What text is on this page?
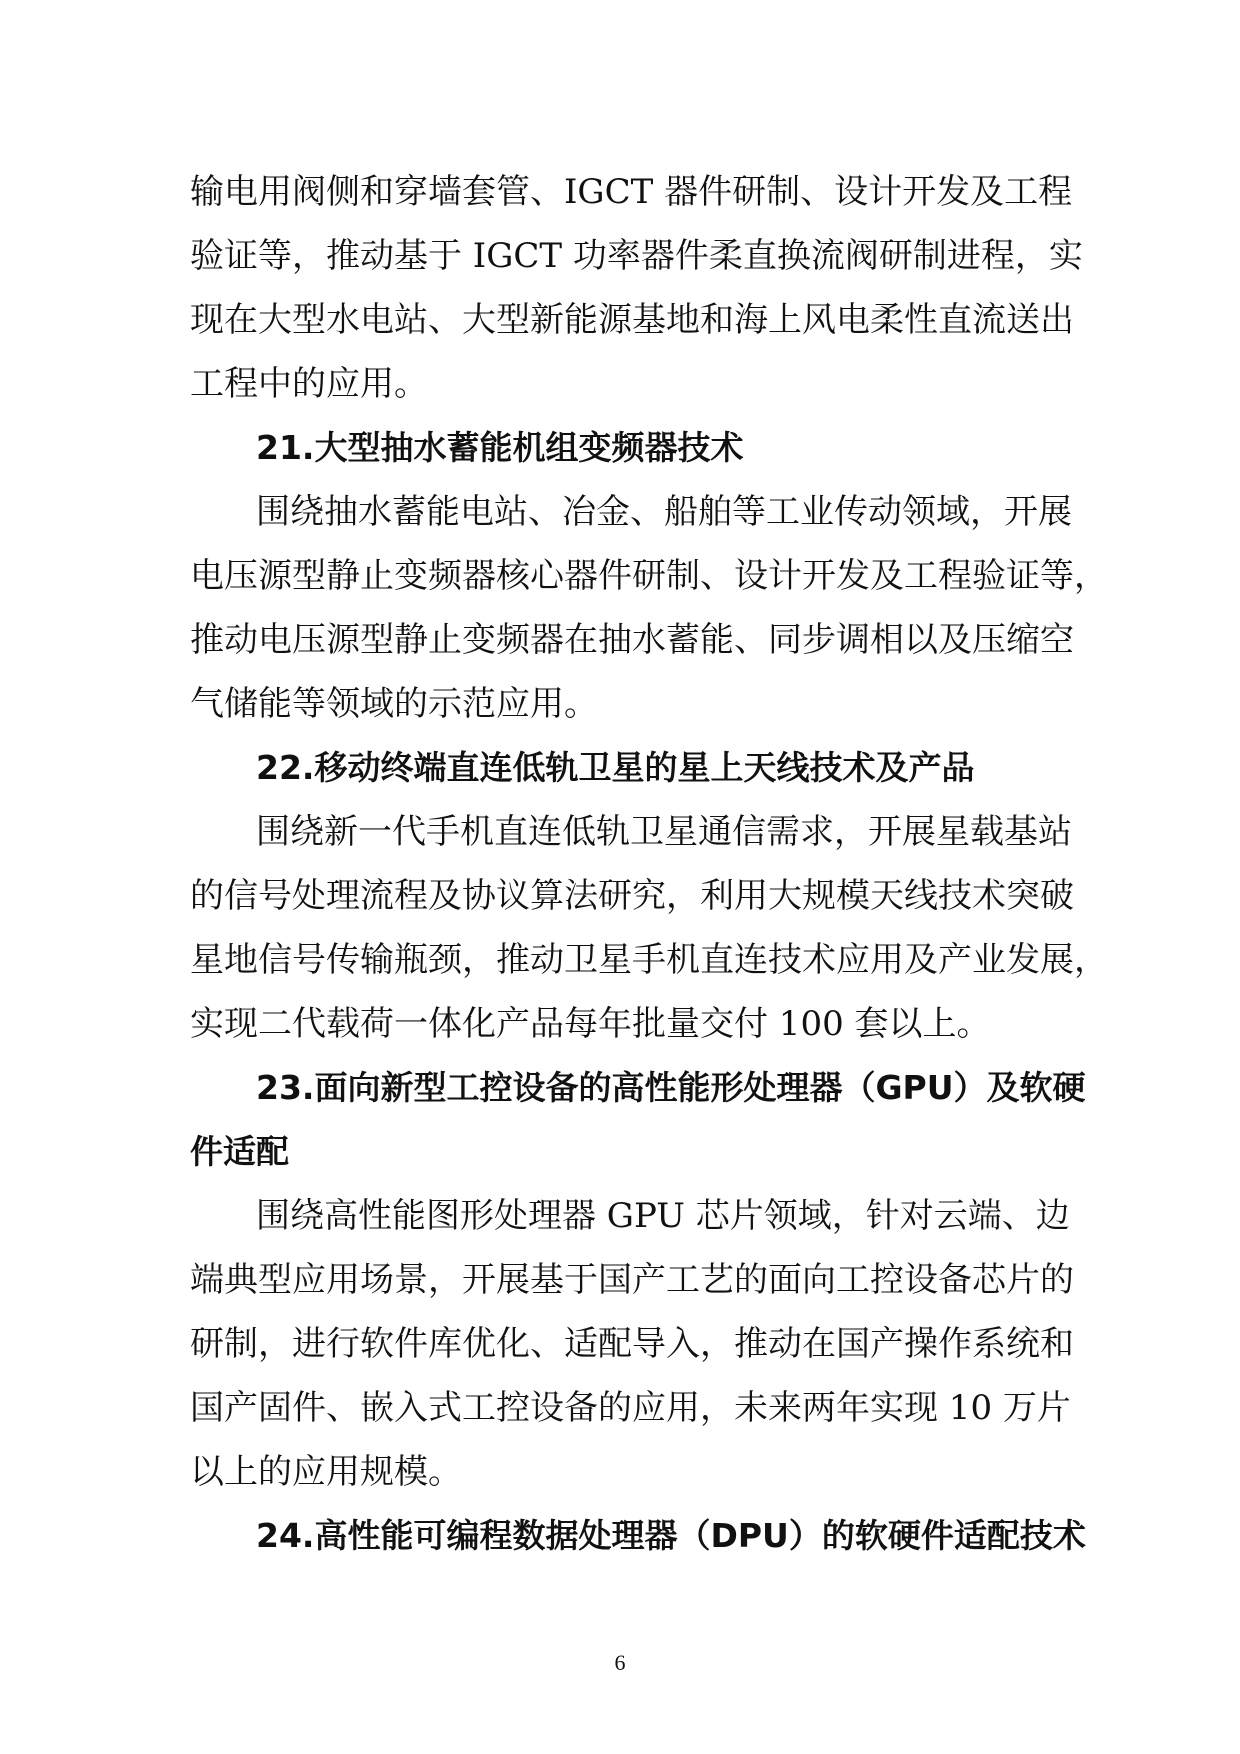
输电用阀侧和穿墙套管、IGCT 器件研制、设计开发及工程
验证等，推动基于 IGCT 功率器件柔直换流阀研制进程，实
现在大型水电站、大型新能源基地和海上风电柔性直流送出
工程中的应用。
21.大型抽水蓄能机组变频器技术
围绕抽水蓄能电站、冶金、船舶等工业传动领域，开展
电压源型静止变频器核心器件研制、设计开发及工程验证等，
推动电压源型静止变频器在抽水蓄能、同步调相以及压缩空
气储能等领域的示范应用。
22.移动终端直连低轨卫星的星上天线技术及产品
围绕新一代手机直连低轨卫星通信需求，开展星载基站
的信号处理流程及协议算法研究，利用大规模天线技术突破
星地信号传输瓶颈，推动卫星手机直连技术应用及产业发展，
实现二代载荷一体化产品每年批量交付 100 套以上。
23.面向新型工控设备的高性能形处理器（GPU）及软硬
件适配
围绕高性能图形处理器 GPU 芯片领域，针对云端、边
端典型应用场景，开展基于国产工艺的面向工控设备芯片的
研制，进行软件库优化、适配导入，推动在国产操作系统和
国产固件、嵌入式工控设备的应用，未来两年实现 10 万片
以上的应用规模。
24.高性能可编程数据处理器（DPU）的软硬件适配技术
6
